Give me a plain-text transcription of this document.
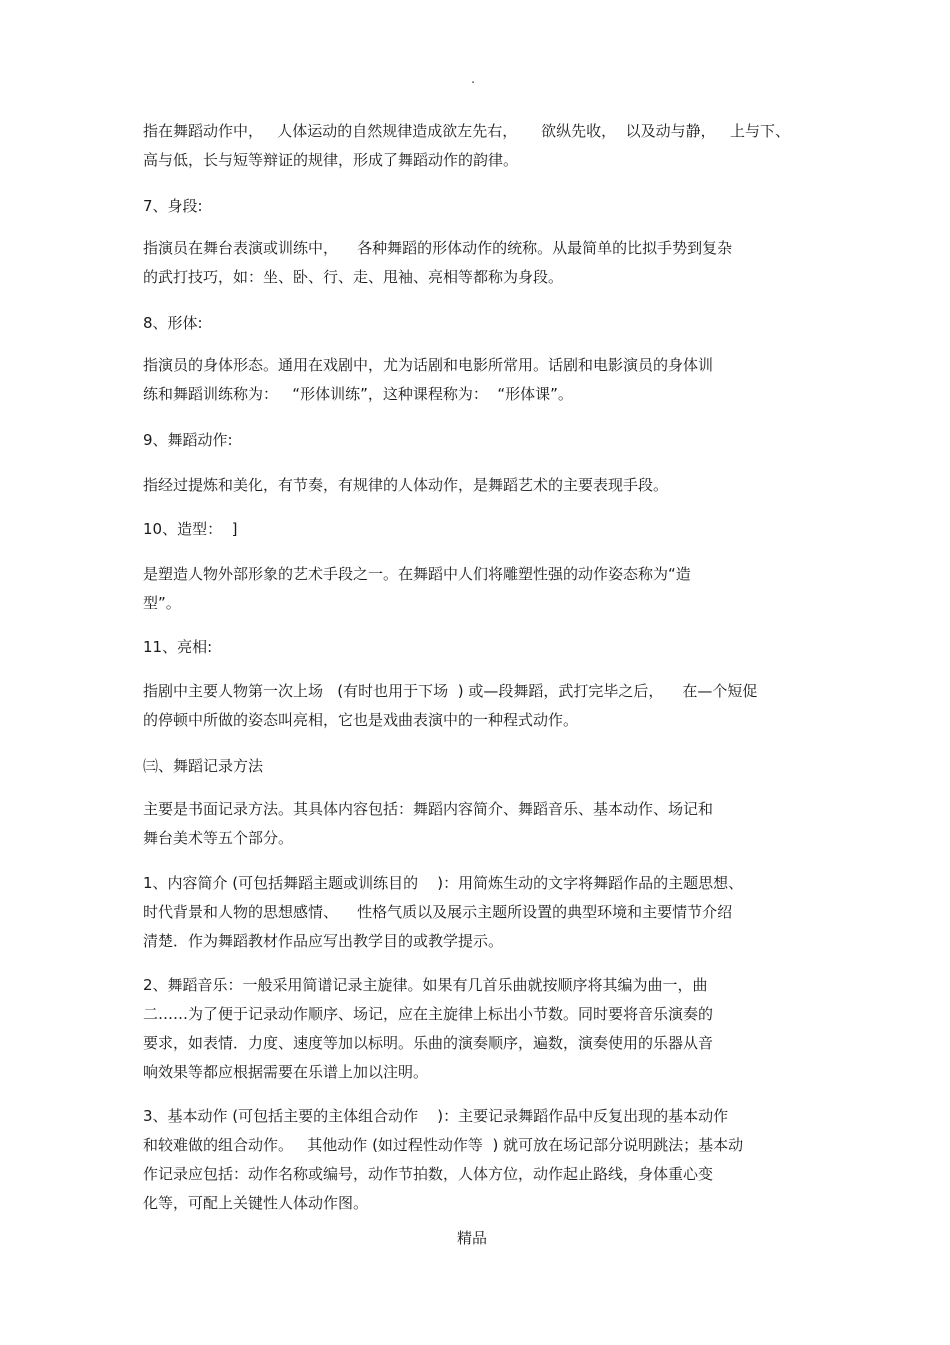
.
指在舞蹈动作中，   人体运动的自然规律造成欲左先右，     欲纵先收，  以及动与静，   上与下、
高与低，长与短等辩证的规律，形成了舞蹈动作的韵律。
7、身段:
指演员在舞台表演或训练中，    各种舞蹈的形体动作的统称。从最简单的比拟手势到复杂
的武打技巧，如：坐、卧、行、走、甩袖、亮相等都称为身段。
8、形体:
指演员的身体形态。通用在戏剧中，尤为话剧和电影所常用。话剧和电影演员的身体训
练和舞蹈训练称为：   “形体训练”，这种课程称为：  “形体课”。
9、舞蹈动作:
指经过提炼和美化，有节奏，有规律的人体动作，是舞蹈艺术的主要表现手段。
10、造型：  ]
是塑造人物外部形象的艺术手段之一。在舞蹈中人们将雕塑性强的动作姿态称为“造
型”。
11、亮相:
指剧中主要人物第一次上场   (有时也用于下场  ) 或—段舞蹈，武打完毕之后，    在—个短促
的停顿中所做的姿态叫亮相，它也是戏曲表演中的一种程式动作。
㈢、舞蹈记录方法
主要是书面记录方法。其具体内容包括：舞蹈内容简介、舞蹈音乐、基本动作、场记和
舞台美术等五个部分。
1、内容简介 (可包括舞蹈主题或训练目的    )：用简炼生动的文字将舞蹈作品的主题思想、
时代背景和人物的思想感情、    性格气质以及展示主题所设置的典型环境和主要情节介绍
清楚．作为舞蹈教材作品应写出教学目的或教学提示。
2、舞蹈音乐：一般采用简谱记录主旋律。如果有几首乐曲就按顺序将其编为曲一，曲
二……为了便于记录动作顺序、场记，应在主旋律上标出小节数。同时要将音乐演奏的
要求，如表情．力度、速度等加以标明。乐曲的演奏顺序，遍数，演奏使用的乐器从音
响效果等都应根据需要在乐谱上加以注明。
3、基本动作 (可包括主要的主体组合动作    )：主要记录舞蹈作品中反复出现的基本动作
和较难做的组合动作。   其他动作 (如过程性动作等  ) 就可放在场记部分说明跳法；基本动
作记录应包括：动作名称或编号，动作节拍数，人体方位，动作起止路线，身体重心变
化等，可配上关键性人体动作图。
精品
